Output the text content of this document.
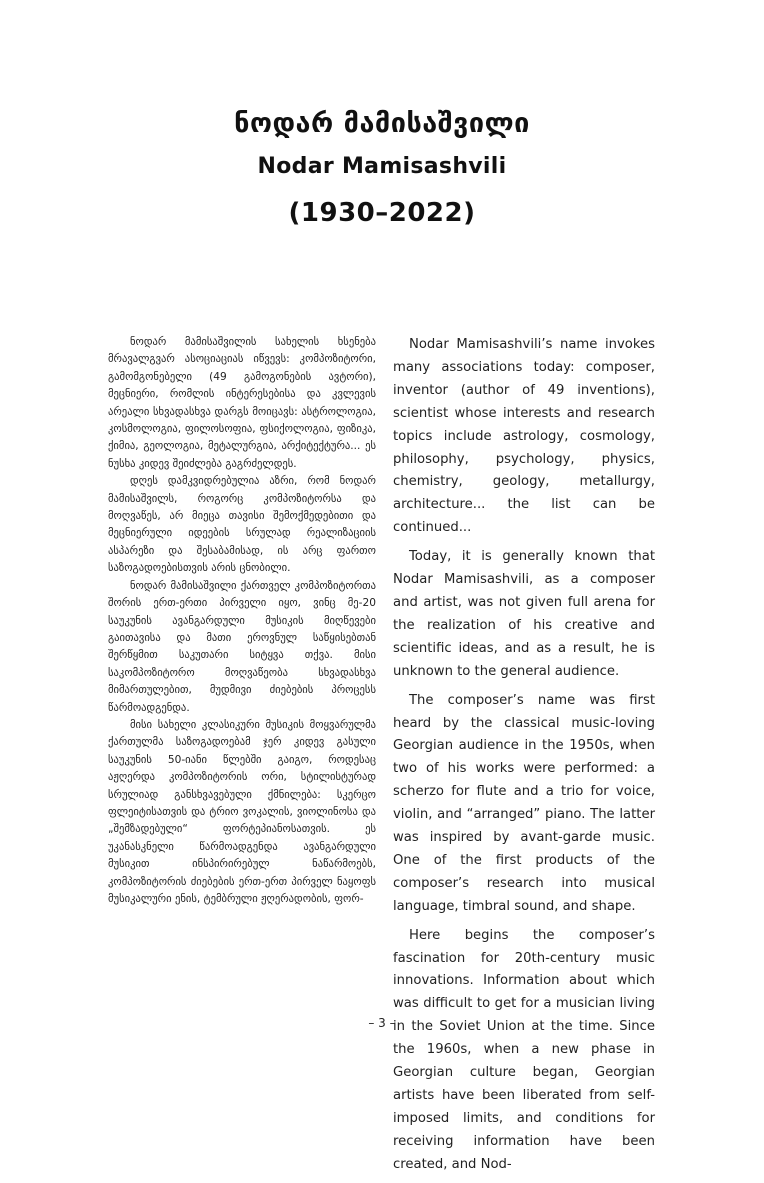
ნოდარ მამისაშვილი
Nodar Mamisashvili
(1930–2022)

ნოდარ მამისაშვილის სახელის ხსენება მრავალგვარ ასოციაციას იწვევს: კომპოზიტორი, გამომგონებელი (49 გამოგონების ავტორი), მეცნიერი, რომლის ინტერესებისა და კვლევის არეალი სხვადასხვა დარგს მოიცავს: ასტროლოგია, კოსმოლოგია, ფილოსოფია, ფსიქოლოგია, ფიზიკა, ქიმია, გეოლოგია, მეტალურგია, არქიტექტურა... ეს ნუსხა კიდევ შეიძლება გაგრძელდეს.

დღეს დამკვიდრებულია აზრი, რომ ნოდარ მამისაშვილს, როგორც კომპოზიტორსა და მოღვაწეს, არ მიეცა თავისი შემოქმედებითი და მეცნიერული იდეების სრულად რეალიზაციის ასპარეზი და შესაბამისად, ის არც ფართო საზოგადოებისთვის არის ცნობილი.

ნოდარ მამისაშვილი ქართველ კომპოზიტორთა შორის ერთ-ერთი პირველი იყო, ვინც მე-20 საუკუნის ავანგარდული მუსიკის მიღწევები გაითავისა და მათი ეროვნულ საწყისებთან შერწყმით საკუთარი სიტყვა თქვა. მისი საკომპოზიტორო მოღვაწეობა სხვადასხვა მიმართულებით, მუდმივი ძიებების პროცესს წარმოადგენდა.

მისი სახელი კლასიკური მუსიკის მოყვარულმა ქართულმა საზოგადოებამ ჯერ კიდევ გასული საუკუნის 50-იანი წლებში გაიგო, როდესაც აჟღერდა კომპოზიტორის ორი, სტილისტურად სრულიად განსხვავებული ქმნილება: სკერცო ფლეიტისათვის და ტრიო ვოკალის, ვიოლინოსა და „შემზადებული“ ფორტეპიანოსათვის. ეს უკანასკნელი წარმოადგენდა ავანგარდული მუსიკით ინსპირირებულ ნაწარმოებს, კომპოზიტორის ძიებების ერთ-ერთ პირველ ნაყოფს მუსიკალური ენის, ტემბრული ჟღერადობის, ფორ-

Nodar Mamisashvili’s name invokes many associations today: composer, inventor (author of 49 inventions), scientist whose interests and research topics include astrology, cosmology, philosophy, psychology, physics, chemistry, geology, metallurgy, architecture... the list can be continued...

Today, it is generally known that Nodar Mamisashvili, as a composer and artist, was not given full arena for the realization of his creative and scientific ideas, and as a result, he is unknown to the general audience.

The composer’s name was first heard by the classical music-loving Georgian audience in the 1950s, when two of his works were performed: a scherzo for flute and a trio for voice, violin, and “arranged” piano. The latter was inspired by avant-garde music. One of the first products of the composer’s research into musical language, timbral sound, and shape.

Here begins the composer’s fascination for 20th-century music innovations. Information about which was difficult to get for a musician living in the Soviet Union at the time. Since the 1960s, when a new phase in Georgian culture began, Georgian artists have been liberated from self- imposed limits, and conditions for receiving information have been created, and Nod-

– 3 –
